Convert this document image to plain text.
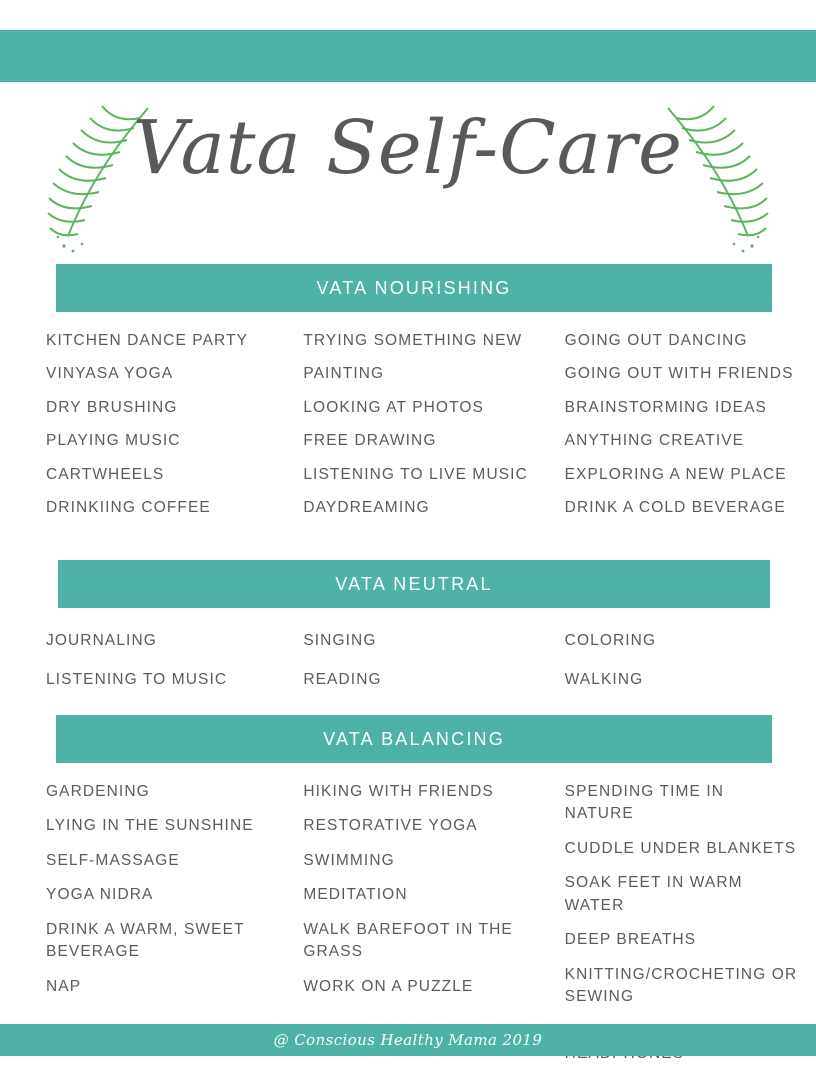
Vata Self-Care
VATA NOURISHING
KITCHEN DANCE PARTY
VINYASA YOGA
DRY BRUSHING
PLAYING MUSIC
CARTWHEELS
DRINKIING COFFEE
TRYING SOMETHING NEW
PAINTING
LOOKING AT PHOTOS
FREE DRAWING
LISTENING TO LIVE MUSIC
DAYDREAMING
GOING OUT DANCING
GOING OUT WITH FRIENDS
BRAINSTORMING IDEAS
ANYTHING CREATIVE
EXPLORING A NEW PLACE
DRINK A COLD BEVERAGE
VATA NEUTRAL
JOURNALING
LISTENING TO MUSIC
SINGING
READING
COLORING
WALKING
VATA BALANCING
GARDENING
LYING IN THE SUNSHINE
SELF-MASSAGE
YOGA NIDRA
DRINK A WARM, SWEET BEVERAGE
NAP
HIKING WITH FRIENDS
RESTORATIVE YOGA
SWIMMING
MEDITATION
WALK BAREFOOT IN THE GRASS
WORK ON A PUZZLE
SPENDING TIME IN NATURE
CUDDLE UNDER BLANKETS
SOAK FEET IN WARM WATER
DEEP BREATHS
KNITTING/CROCHETING OR SEWING
@ Conscious Healthy Mama 2019
